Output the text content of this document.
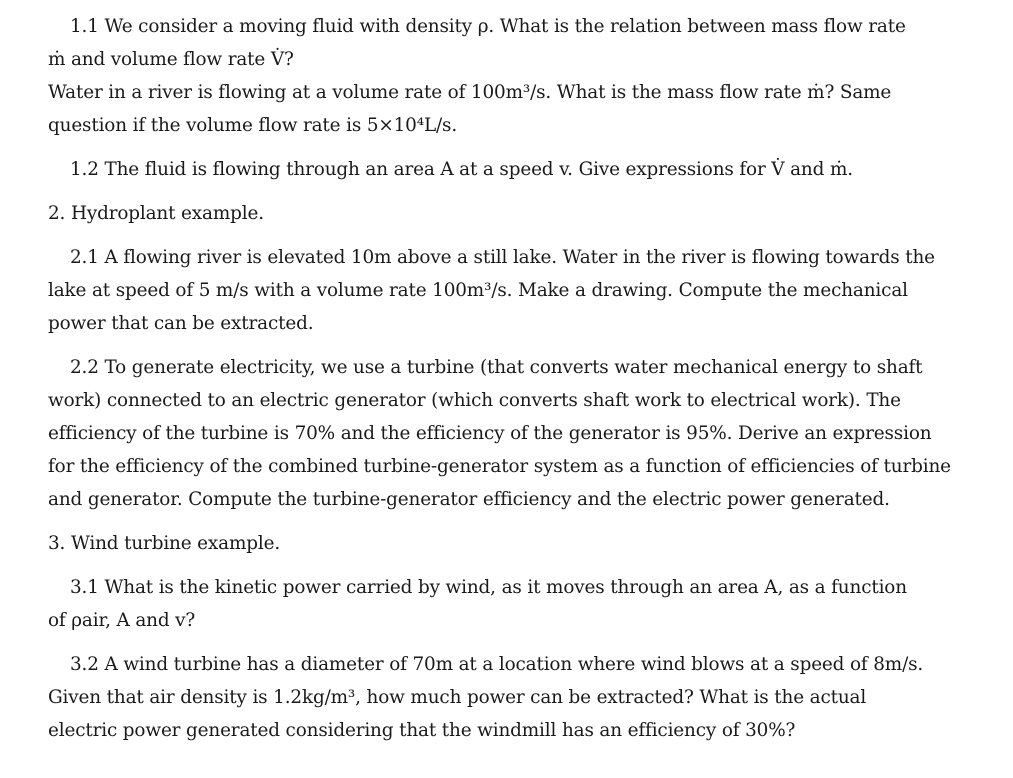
1.1 We consider a moving fluid with density ρ. What is the relation between mass flow rate
ṁ and volume flow rate V̇?
Water in a river is flowing at a volume rate of 100m³/s. What is the mass flow rate ṁ? Same
question if the volume flow rate is 5×10⁴L/s.
1.2 The fluid is flowing through an area A at a speed v. Give expressions for V̇ and ṁ.
2. Hydroplant example.
2.1 A flowing river is elevated 10m above a still lake. Water in the river is flowing towards the
lake at speed of 5 m/s with a volume rate 100m³/s. Make a drawing. Compute the mechanical
power that can be extracted.
2.2 To generate electricity, we use a turbine (that converts water mechanical energy to shaft
work) connected to an electric generator (which converts shaft work to electrical work). The
efficiency of the turbine is 70% and the efficiency of the generator is 95%. Derive an expression
for the efficiency of the combined turbine-generator system as a function of efficiencies of turbine
and generator. Compute the turbine-generator efficiency and the electric power generated.
3. Wind turbine example.
3.1 What is the kinetic power carried by wind, as it moves through an area A, as a function
of ρair, A and v?
3.2 A wind turbine has a diameter of 70m at a location where wind blows at a speed of 8m/s.
Given that air density is 1.2kg/m³, how much power can be extracted? What is the actual
electric power generated considering that the windmill has an efficiency of 30%?
